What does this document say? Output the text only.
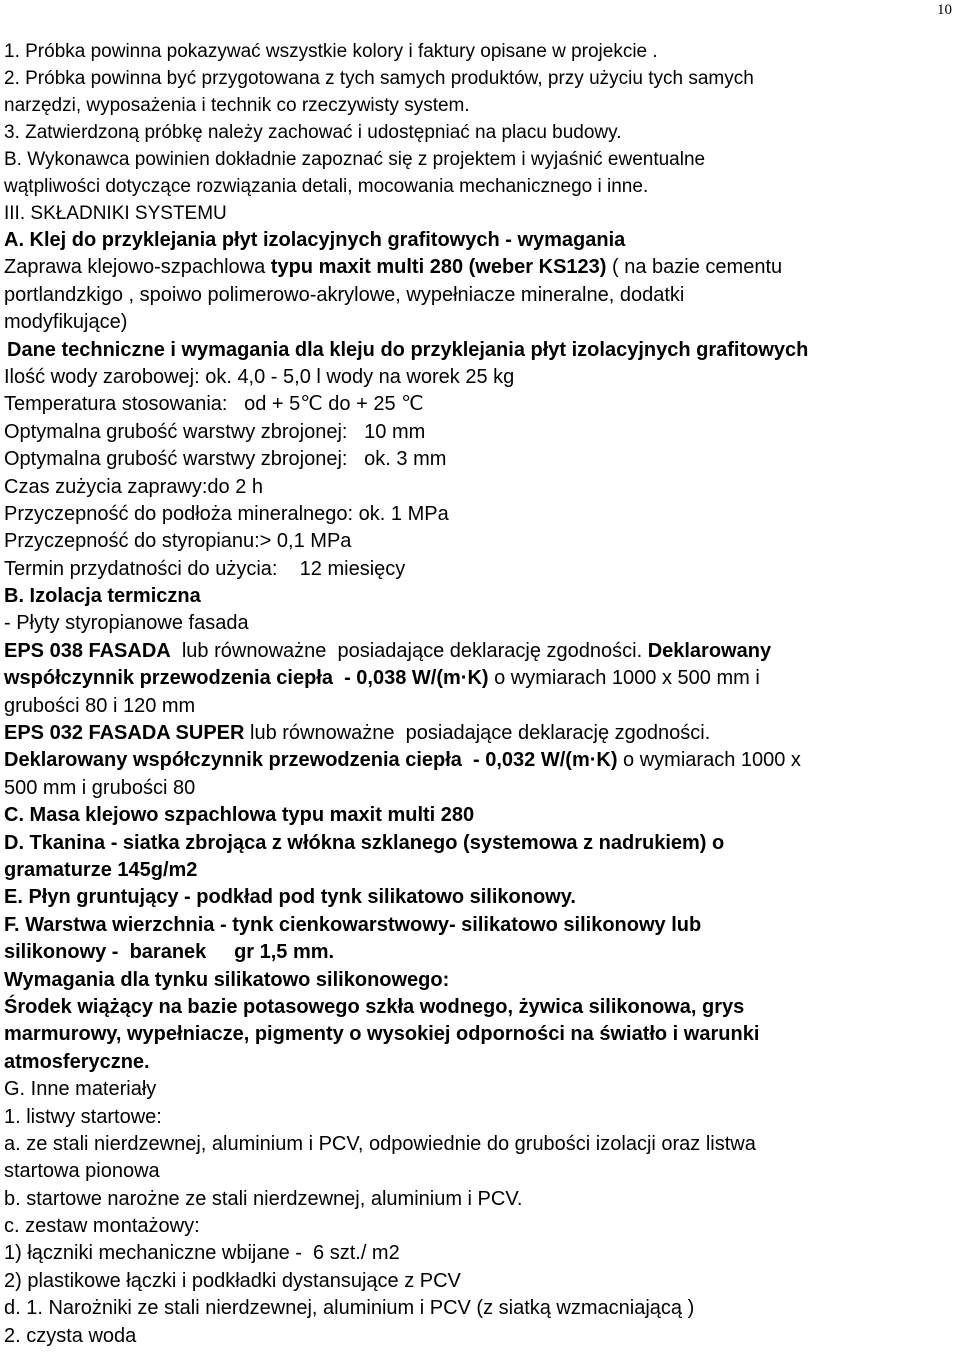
10
1. Próbka powinna pokazywać wszystkie kolory i faktury opisane w projekcie .
2. Próbka powinna być przygotowana z tych samych produktów, przy użyciu tych samych
narzędzi, wyposażenia i technik co rzeczywisty system.
3. Zatwierdzoną próbkę należy zachować i udostępniać na placu budowy.
B. Wykonawca powinien dokładnie zapoznać się z projektem i wyjaśnić ewentualne
wątpliwości dotyczące rozwiązania detali, mocowania mechanicznego i inne.
III. SKŁADNIKI SYSTEMU
A. Klej do przyklejania płyt izolacyjnych grafitowych - wymagania
Zaprawa klejowo-szpachlowa typu maxit multi 280 (weber KS123) ( na bazie cementu
portlandzkigo , spoiwo polimerowo-akrylowe, wypełniacze mineralne, dodatki
modyfikujące)
Dane techniczne i wymagania dla kleju do przyklejania płyt izolacyjnych grafitowych
Ilość wody zarobowej: ok. 4,0 - 5,0 l wody na worek 25 kg
Temperatura stosowania:   od + 5℃ do + 25 ℃
Optymalna grubość warstwy zbrojonej:   10 mm
Optymalna grubość warstwy zbrojonej:   ok. 3 mm
Czas zużycia zaprawy:do 2 h
Przyczepność do podłoża mineralnego: ok. 1 MPa
Przyczepność do styropianu:> 0,1 MPa
Termin przydatności do użycia:    12 miesięcy
B. Izolacja termiczna
- Płyty styropianowe fasada
EPS 038 FASADA  lub równoważne  posiadające deklarację zgodności. Deklarowany
współczynnik przewodzenia ciepła  - 0,038 W/(m·K) o wymiarach 1000 x 500 mm i
grubości 80 i 120 mm
EPS 032 FASADA SUPER lub równoważne  posiadające deklarację zgodności.
Deklarowany współczynnik przewodzenia ciepła  - 0,032 W/(m·K) o wymiarach 1000 x
500 mm i grubości 80
C. Masa klejowo szpachlowa typu maxit multi 280
D. Tkanina - siatka zbrojąca z włókna szklanego (systemowa z nadrukiem) o
gramaturze 145g/m2
E. Płyn gruntujący - podkład pod tynk silikatowo silikonowy.
F. Warstwa wierzchnia - tynk cienkowarstwowy- silikatowo silikonowy lub
silikonowy -  baranek     gr 1,5 mm.
Wymagania dla tynku silikatowo silikonowego:
Środek wiążący na bazie potasowego szkła wodnego, żywica silikonowa, grys
marmurowy, wypełniacze, pigmenty o wysokiej odporności na światło i warunki
atmosferyczne.
G. Inne materiały
1. listwy startowe:
a. ze stali nierdzewnej, aluminium i PCV, odpowiednie do grubości izolacji oraz listwa
startowa pionowa
b. startowe narożne ze stali nierdzewnej, aluminium i PCV.
c. zestaw montażowy:
1) łączniki mechaniczne wbijane -  6 szt./ m2
2) plastikowe łączki i podkładki dystansujące z PCV
d. 1. Narożniki ze stali nierdzewnej, aluminium i PCV (z siatką wzmacniającą )
2. czysta woda
